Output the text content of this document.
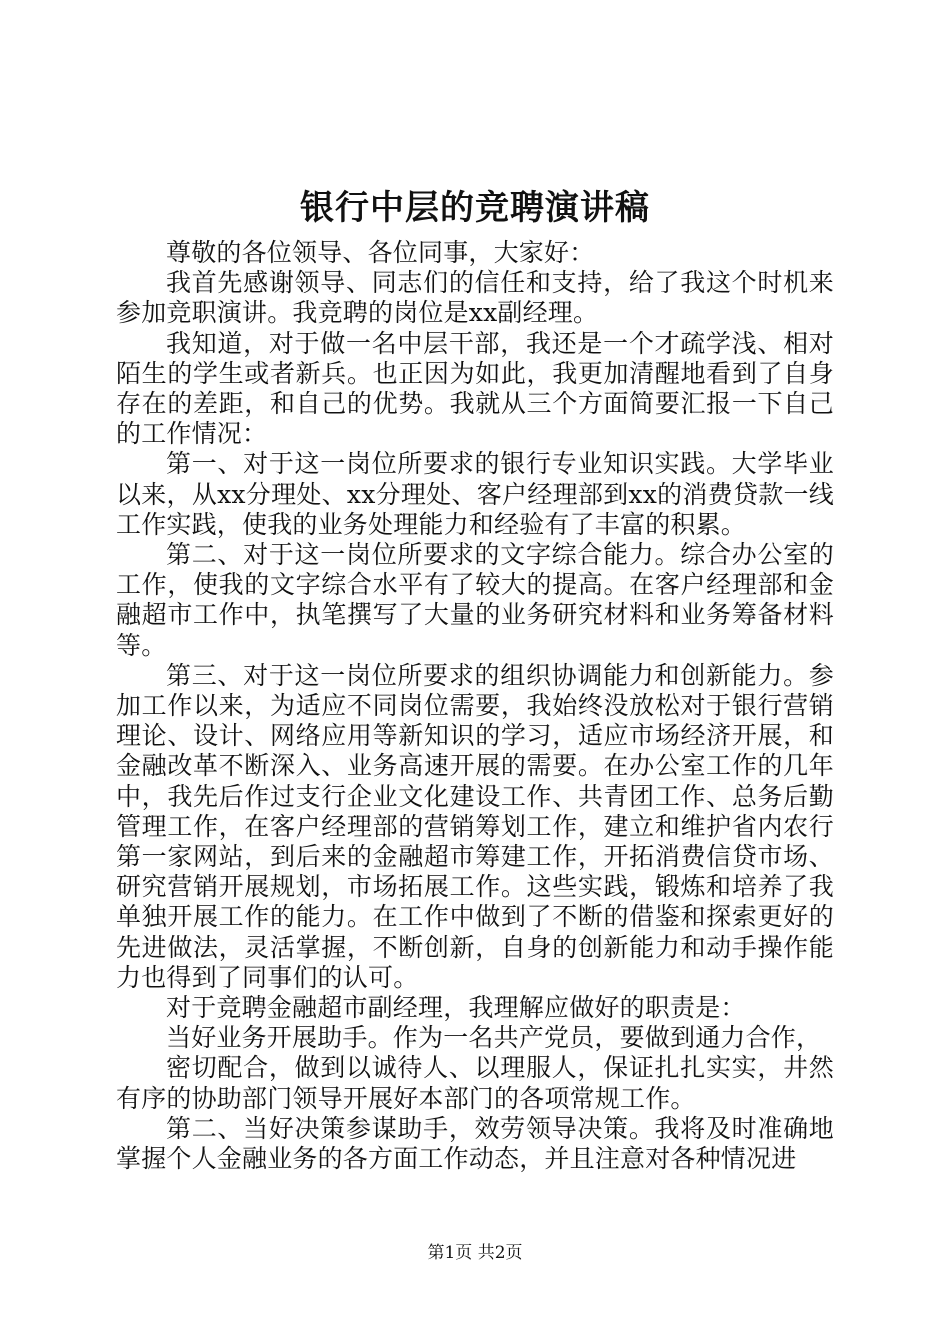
银行中层的竞聘演讲稿

尊敬的各位领导、各位同事，大家好：

我首先感谢领导、同志们的信任和支持，给了我这个时机来参加竞职演讲。我竞聘的岗位是xx副经理。

我知道，对于做一名中层干部，我还是一个才疏学浅、相对陌生的学生或者新兵。也正因为如此，我更加清醒地看到了自身存在的差距，和自己的优势。我就从三个方面简要汇报一下自己的工作情况：

第一、对于这一岗位所要求的银行专业知识实践。大学毕业以来，从xx分理处、xx分理处、客户经理部到xx的消费贷款一线工作实践，使我的业务处理能力和经验有了丰富的积累。

第二、对于这一岗位所要求的文字综合能力。综合办公室的工作，使我的文字综合水平有了较大的提高。在客户经理部和金融超市工作中，执笔撰写了大量的业务研究材料和业务筹备材料等。

第三、对于这一岗位所要求的组织协调能力和创新能力。参加工作以来，为适应不同岗位需要，我始终没放松对于银行营销理论、设计、网络应用等新知识的学习，适应市场经济开展，和金融改革不断深入、业务高速开展的需要。在办公室工作的几年中，我先后作过支行企业文化建设工作、共青团工作、总务后勤管理工作，在客户经理部的营销筹划工作，建立和维护省内农行第一家网站，到后来的金融超市筹建工作，开拓消费信贷市场、研究营销开展规划，市场拓展工作。这些实践，锻炼和培养了我单独开展工作的能力。在工作中做到了不断的借鉴和探索更好的先进做法，灵活掌握，不断创新，自身的创新能力和动手操作能力也得到了同事们的认可。

对于竞聘金融超市副经理，我理解应做好的职责是：

当好业务开展助手。作为一名共产党员，要做到通力合作，

密切配合，做到以诚待人、以理服人，保证扎扎实实，井然有序的协助部门领导开展好本部门的各项常规工作。

第二、当好决策参谋助手，效劳领导决策。我将及时准确地掌握个人金融业务的各方面工作动态，并且注意对各种情况进

第1页 共2页
